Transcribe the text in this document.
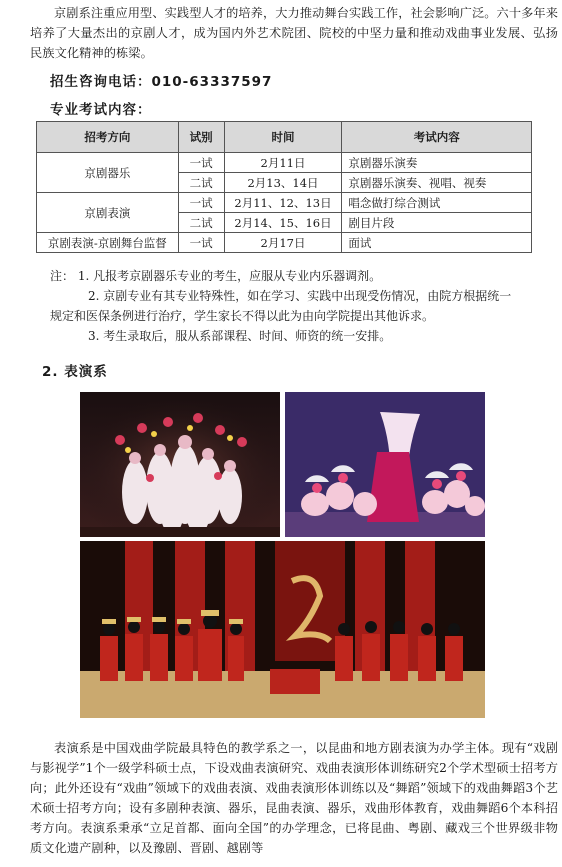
京剧系注重应用型、实践型人才的培养，大力推动舞台实践工作，社会影响广泛。六十多年来培养了大量杰出的京剧人才，成为国内外艺术院团、院校的中坚力量和推动戏曲事业发展、弘扬民族文化精神的栋梁。
招生咨询电话：010-63337597
专业考试内容：
招考方向	试别	时间	考试内容
京剧器乐	一试	2月11日	京剧器乐演奏
	二试	2月13、14日	京剧器乐演奏、视唱、视奏
京剧表演	一试	2月11、12、13日	唱念做打综合测试
	二试	2月14、15、16日	剧目片段
京剧表演-京剧舞台监督	一试	2月17日	面试
注： 1. 凡报考京剧器乐专业的考生，应服从专业内乐器调剂。
2. 京剧专业有其专业特殊性，如在学习、实践中出现受伤情况，由院方根据统一规定和医保条例进行治疗，学生家长不得以此为由向学院提出其他诉求。
3. 考生录取后，服从系部课程、时间、师资的统一安排。
2. 表演系
表演系是中国戏曲学院最具特色的教学系之一，以昆曲和地方剧表演为办学主体。现有“戏剧与影视学”1个一级学科硕士点，下设戏曲表演研究、戏曲表演形体训练研究2个学术型硕士招考方向；此外还设有“戏曲”领域下的戏曲表演、戏曲表演形体训练以及“舞蹈”领域下的戏曲舞蹈3个艺术硕士招考方向；设有多剧种表演、器乐，昆曲表演、器乐，戏曲形体教育，戏曲舞蹈6个本科招考方向。表演系秉承“立足首都、面向全国”的办学理念，已将昆曲、粤剧、藏戏三个世界级非物质文化遗产剧种，以及豫剧、晋剧、越剧等
